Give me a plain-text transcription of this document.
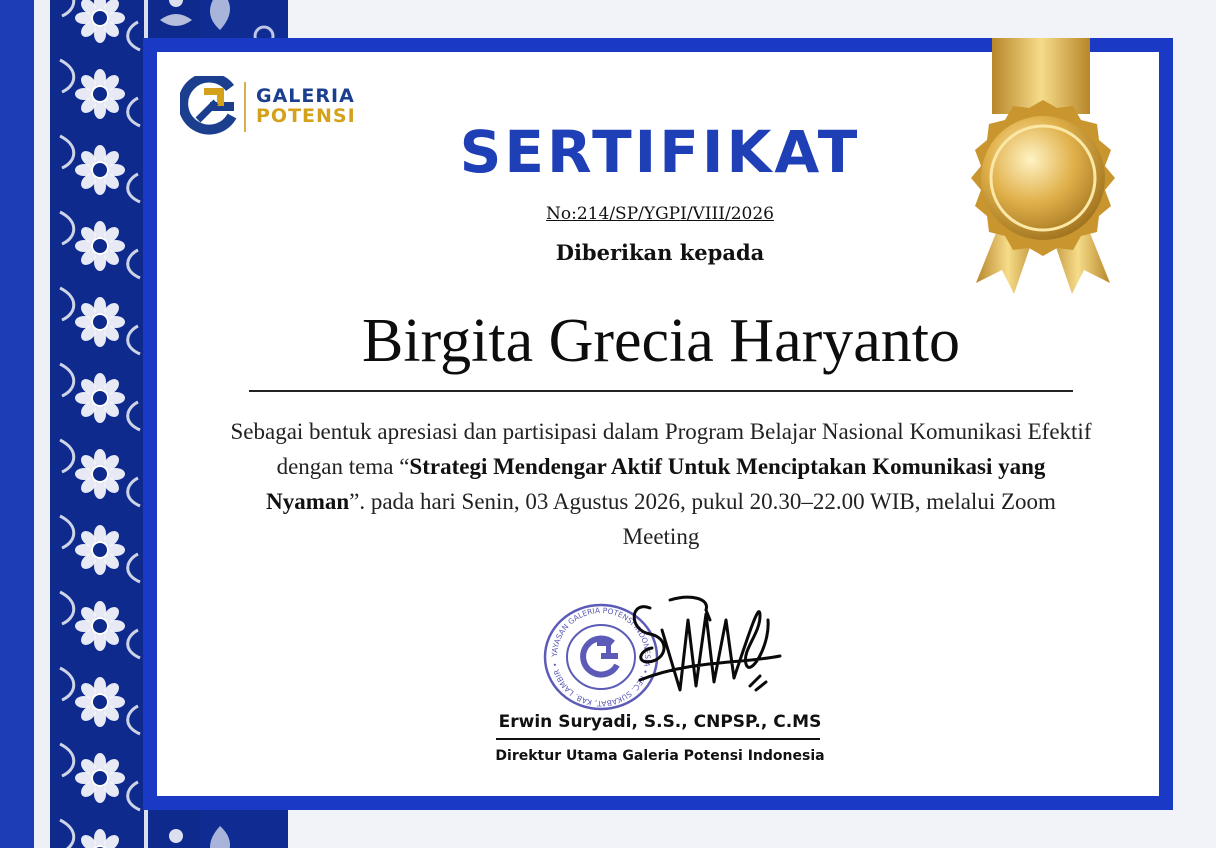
GALERIA
POTENSI
SERTIFIKAT
No:214/SP/YGPI/VIII/2026
Diberikan kepada
Birgita Grecia Haryanto
Sebagai bentuk apresiasi dan partisipasi dalam Program Belajar Nasional Komunikasi Efektif dengan tema “Strategi Mendengar Aktif Untuk Menciptakan Komunikasi yang Nyaman”. pada hari Senin, 03 Agustus 2026, pukul 20.30–22.00 WIB, melalui Zoom Meeting
YAYASAN GALERIA POTENSI INDONESIA • KEC. SUKABAT, KAB. LAMBIR •
Erwin Suryadi, S.S., CNPSP., C.MS
Direktur Utama Galeria Potensi Indonesia
